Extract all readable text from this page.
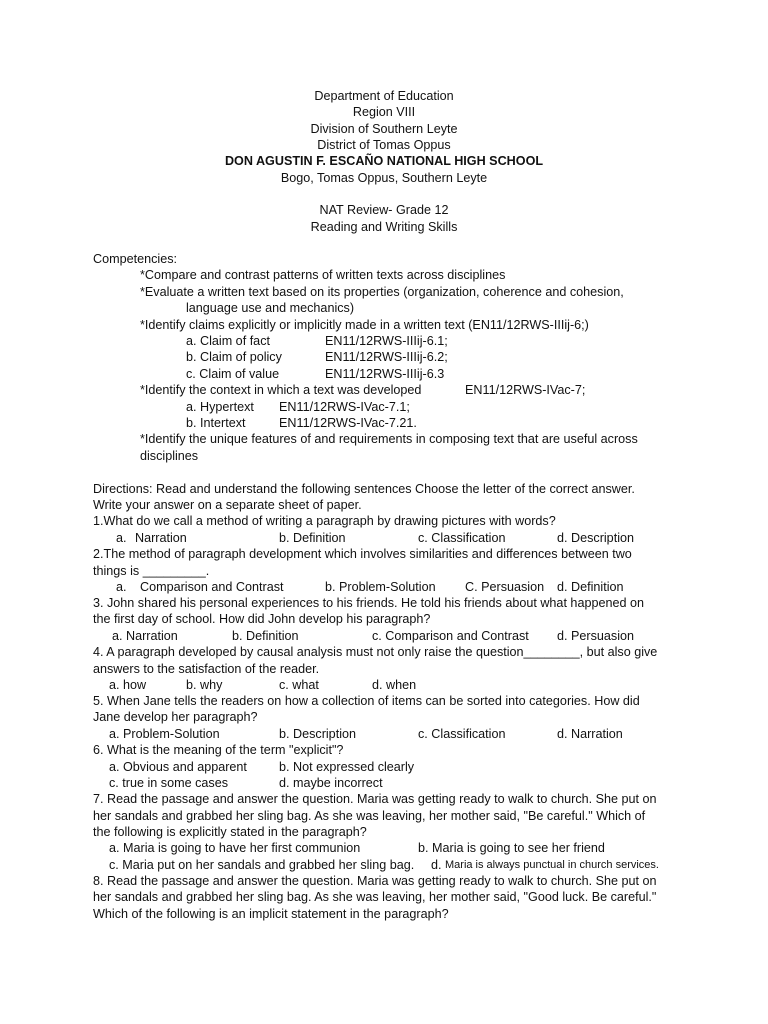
Department of Education
Region VIII
Division of Southern Leyte
District of Tomas Oppus
DON AGUSTIN F. ESCAÑO NATIONAL HIGH SCHOOL
Bogo, Tomas Oppus, Southern Leyte
NAT Review- Grade 12
Reading and Writing Skills
Competencies:
*Compare and contrast patterns of written texts across disciplines
*Evaluate a written text based on its properties (organization, coherence and cohesion,
language use and mechanics)
*Identify claims explicitly or implicitly made in a written text (EN11/12RWS-IIIij-6;)
a. Claim of fact	EN11/12RWS-IIIij-6.1;
b. Claim of policy	EN11/12RWS-IIIij-6.2;
c. Claim of value	EN11/12RWS-IIIij-6.3
*Identify the context in which a text was developed	EN11/12RWS-IVac-7;
a. Hypertext EN11/12RWS-IVac-7.1;
b. Intertext	EN11/12RWS-IVac-7.21.
*Identify the unique features of and requirements in composing text that are useful across
disciplines
Directions: Read and understand the following sentences Choose the letter of the correct answer.
Write your answer on a separate sheet of paper.
1.What do we call a method of writing a paragraph by drawing pictures with words?
a. Narration	b. Definition	c. Classification	d. Description
2.The method of paragraph development which involves similarities and differences between two
things is _________.
a. Comparison and Contrast	b. Problem-Solution C. Persuasion d. Definition
3. John shared his personal experiences to his friends. He told his friends about what happened on
the first day of school. How did John develop his paragraph?
a. Narration	b. Definition	c. Comparison and Contrast d. Persuasion
4. A paragraph developed by causal analysis must not only raise the question________, but also give
answers to the satisfaction of the reader.
a. how	b. why	c. what	d. when
5. When Jane tells the readers on how a collection of items can be sorted into categories. How did
Jane develop her paragraph?
a. Problem-Solution	b. Description	c. Classification	d. Narration
6. What is the meaning of the term "explicit"?
a. Obvious and apparent	b. Not expressed clearly
c. true in some cases	d. maybe incorrect
7. Read the passage and answer the question. Maria was getting ready to walk to church. She put on
her sandals and grabbed her sling bag. As she was leaving, her mother said, "Be careful." Which of
the following is explicitly stated in the paragraph?
a. Maria is going to have her first communion	b. Maria is going to see her friend
c. Maria put on her sandals and grabbed her sling bag. d. Maria is always punctual in church services.
8. Read the passage and answer the question. Maria was getting ready to walk to church. She put on
her sandals and grabbed her sling bag. As she was leaving, her mother said, "Good luck. Be careful."
Which of the following is an implicit statement in the paragraph?
